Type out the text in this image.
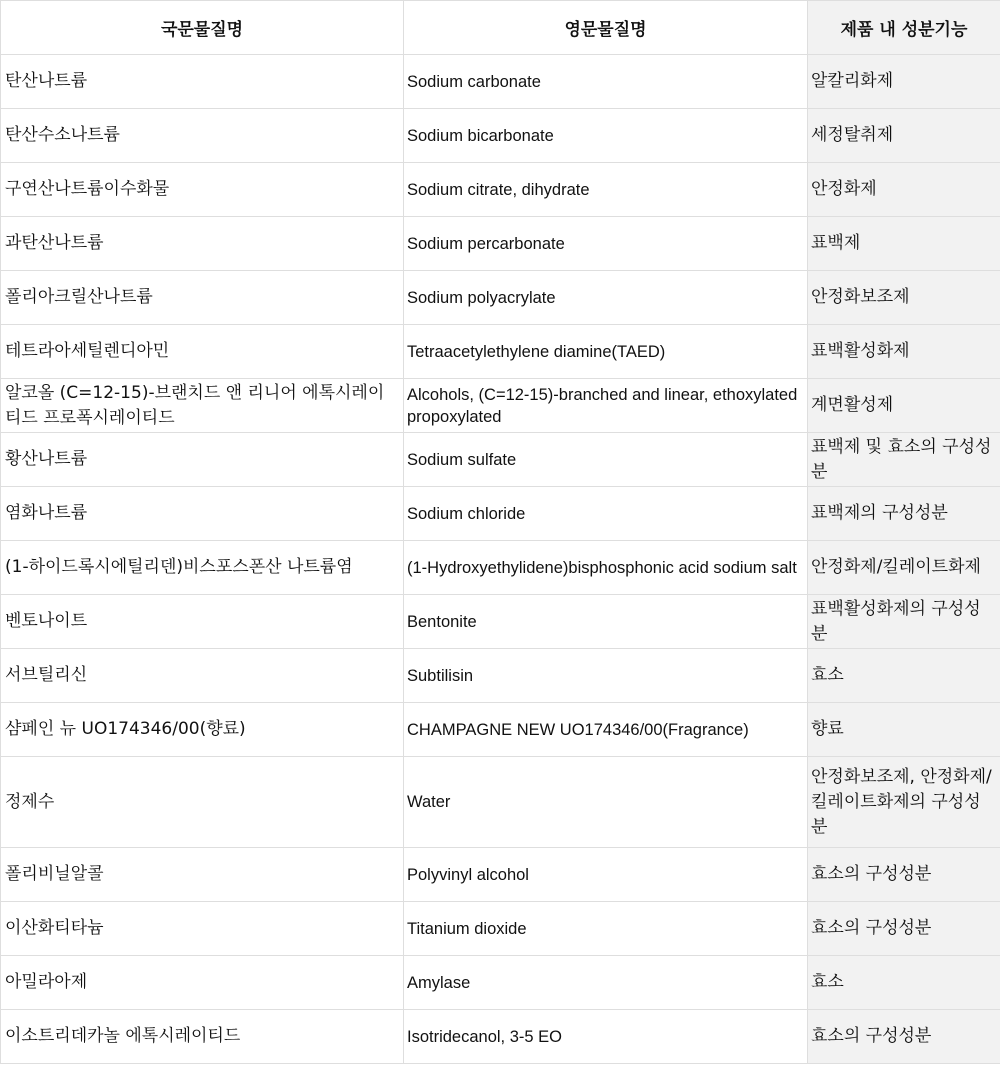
국문물질명	영문물질명	제품 내 성분기능
탄산나트륨	Sodium carbonate	알칼리화제
탄산수소나트륨	Sodium bicarbonate	세정탈취제
구연산나트륨이수화물	Sodium citrate, dihydrate	안정화제
과탄산나트륨	Sodium percarbonate	표백제
폴리아크릴산나트륨	Sodium polyacrylate	안정화보조제
테트라아세틸렌디아민	Tetraacetylethylene diamine(TAED)	표백활성화제
알코올 (C=12-15)-브랜치드 앤 리니어 에톡시레이티드 프로폭시레이티드	Alcohols, (C=12-15)-branched and linear, ethoxylated propoxylated	계면활성제
황산나트륨	Sodium sulfate	표백제 및 효소의 구성성분
염화나트륨	Sodium chloride	표백제의 구성성분
(1-하이드록시에틸리덴)비스포스폰산 나트륨염	(1-Hydroxyethylidene)bisphosphonic acid sodium salt	안정화제/킬레이트화제
벤토나이트	Bentonite	표백활성화제의 구성성분
서브틸리신	Subtilisin	효소
샴페인 뉴 UO174346/00(향료)	CHAMPAGNE NEW UO174346/00(Fragrance)	향료
정제수	Water	안정화보조제, 안정화제/킬레이트화제의 구성성분
폴리비닐알콜	Polyvinyl alcohol	효소의 구성성분
이산화티타늄	Titanium dioxide	효소의 구성성분
아밀라아제	Amylase	효소
이소트리데카놀 에톡시레이티드	Isotridecanol, 3-5 EO	효소의 구성성분
